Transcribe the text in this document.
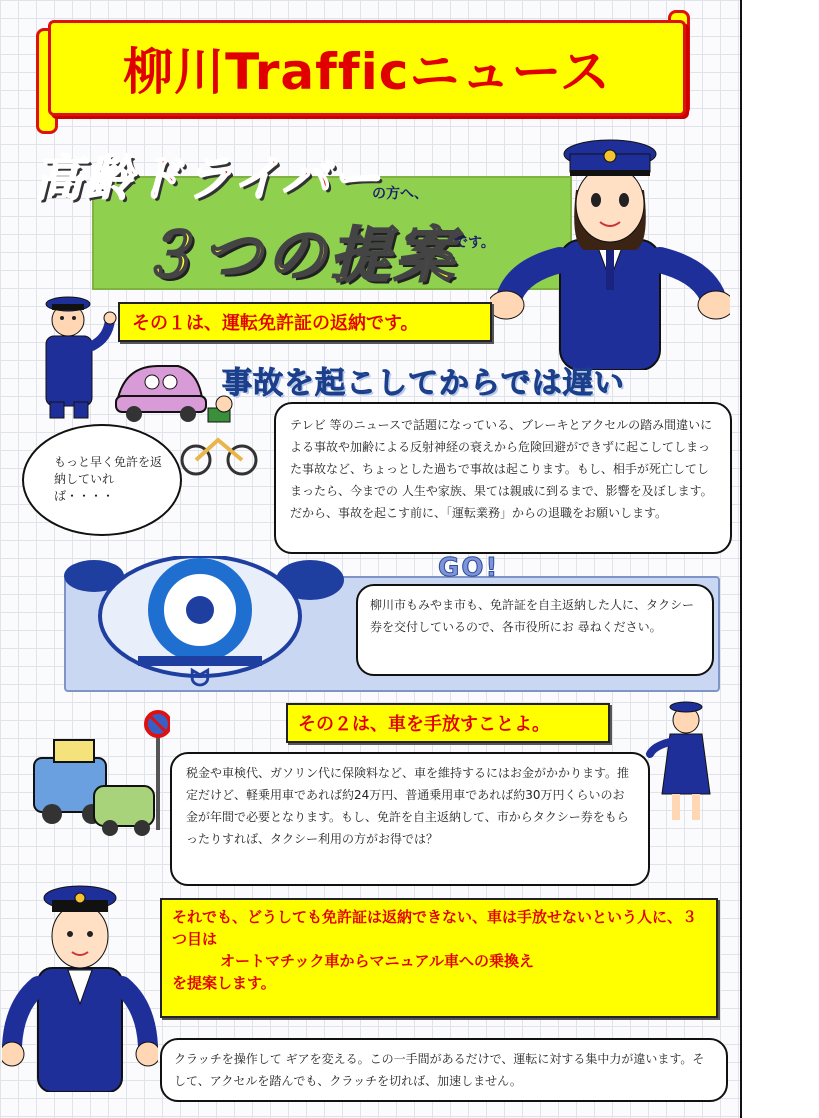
柳川Trafficニュース
高齢ドライバー
の方へ、
３つの提案
です。
その１は、運転免許証の返納です。
事故を起こしてからでは遅い
もっと早く免許を返納していれば・・・・
テレビ 等のニュースで話題になっている、ブレーキとアクセルの踏み間違いによる事故や加齢による反射神経の衰えから危険回避ができずに起こしてしまった事故など、ちょっとした過ちで事故は起こります。もし、相手が死亡してしまったら、今までの 人生や家族、果ては親戚に到るまで、影響を及ぼします。だから、事故を起こす前に、「運転業務」からの退職をお願いします。
ᗢ
GO!
柳川市もみやま市も、免許証を自主返納した人に、タクシー券を交付しているので、各市役所にお 尋ねください。
その２は、車を手放すことよ。
税金や車検代、ガソリン代に保険料など、車を維持するにはお金がかかります。推定だけど、軽乗用車であれば約24万円、普通乗用車であれば約30万円くらいのお金が年間で必要となります。もし、免許を自主返納して、市からタクシー券をもらったりすれば、タクシー利用の方がお得では？
それでも、どうしても免許証は返納できない、車は手放せないという人に、３つ目は
オートマチック車からマニュアル車への乗換え
を提案します。
クラッチを操作して ギアを変える。この一手間があるだけで、運転に対する集中力が違います。そして、アクセルを踏んでも、クラッチを切れば、加速しません。
